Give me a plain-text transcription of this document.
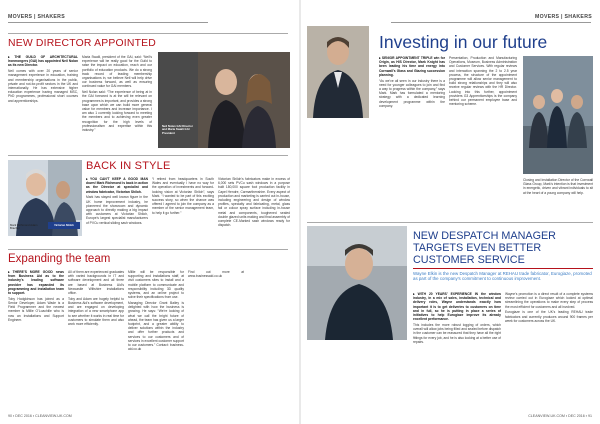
MOVERS | SHAKERS
NEW DIRECTOR APPOINTED

▸ THE GUILD OF ARCHITECTURAL Ironmongers (GAI) has appointed Neil Nolan as its new Director.

Neil comes with over 20 years of senior management experience in education, training and membership organisations in the public, private and not-for-profit sectors in the UK and internationally. He has extensive higher education experience having managed MSC, PhD programmes, professional short courses and apprenticeships.

Maria Swaili, president of the GAI, said: “Neil’s experience will be really good for the Guild to raise the impact on education, reach and our portfolio of education products. We do a strong track record of leading membership organisations in, we believe Neil will help drive our business forward, as well as ensuring continued value for GAI members.

Neil Nolan said: “The experience of being at in the GAI foreword is at the will be relevant on programmes is important, and provides a strong base upon which we can build more general value for members and increase importance. I am also 1 currently looking forward to meeting the members and to achieving even greater recognition for the high levels of professionalism and expertise within this industry.”

Neil Nolan GAI Director and Maria Swaili GAI President
Victorian Shiloh
Mark Richmond Adam Bracher
BACK IN STYLE

▸ YOU CAN’T KEEP A GOOD MAN down! Mark Richmond is back in action as the Director at specialist and window fabricator, Victorian Shiloh.

Mark has stayed well known figure in the UK home improvement industry, he pioneered the showroom and dynamic approach to directly making a big impact with customers at Victorian Shiloh, Europe’s largest specialist manufacturers of PVCu vertical sliding sash windows.

“I retired from headquarters in South Wales and eventually I have no way for the operation of investments and forward-looking vision at Victorian Shiloh”, says Mark. “I wanted to be part of this exciting success story, so when the chance was offered I agreed to join the company as a member of the senior management team, to help it go further.”

Victorian Shiloh’s fabricators make in excess of 6,000 sets PVCu sash windows in a purpose built 180,000 square foot production facility in Capel Hendre, Carmarthenshire. Every aspect of production and marketing is carried out in-house, including engineering and design of window profiles, specialty and fabricating, metal, glass fail or colour spray surface including in-house metal and components, toughened sealed double glazed units making and final assembly of complete CE-Marked sash windows ready for dispatch.

Expanding the team

▸ THERE’S MORE GOOD news from Business Aid as to the industry’s leading software provider has expanded its programming and installation team to support.

Toby Hodgkinson has joined as a Senior Developer, Adam Wade is a Field Programmer and the newest member is Millie O’Loachiile who is now an Installations and Support Engineer.

All of them are experienced graduates with varied backgrounds in IT and software development and all three are based at Business Aid’s Newcastle Wiltshire installations office.

Toby and Adam are hugely helpful to Business Aid’s software development, and are engaged on developing integration of a new smartphone app to see whether it works in real time for customers to simulate them and also work more efficiently.

Millie will be responsible for supporting and installations staff, at visit customers sites to install and a mobile platform to communicate and responsibility including 3D quality systems, and an online project to solve their specifications from use.

Managing Director Grant Bailey is delighted with how the business is growing. He says: “We’re looking of what we call the bright future of ahead, the team has given us a larger footprint, and a greater ability to deliver solutions within the industry and offer further products and services to our customers and of services in excellent customer support to our customers.” Contact: business-aid.co.uk

Find out more at www.businessaid.co.uk

90 ▪ DEC 2016 ▪ CLEANVIEW-UK.COM
MOVERS | SHAKERS
Investing in our future

▸ SENIOR APPOINTMENT TRIPLE win for Origin, as HIS Director, Mark Knight has been leading his time and energy into Cornwall’s Glass and Glazing succession planning.

“As we’ve all seen in our industry there is a need for younger colleagues to join and find a way to progress within the company,” says Mark. Mark has formulated a mentoring strategy with a dedicated learning development programme within the company.

Presentation, Production and Manufacturing Operations, Museum, Business Administration and Customer Services. With regular reviews and interaction spanning the 2 to 2.5 year process, the structure of the appointment programme will allow senior management to build strong relationships and they will also receive regular reviews with the HR Director. Looking into this further, appointment providers G3 Apprenticeships is the company behind our permanent employee base and mentoring scheme.

Closing and Installation Director of the Cornwall Glass Group, Mark’s intention is that investment in energetic, driven and vibrant individuals to sit at the heart of a young company will help.

NEW DESPATCH MANAGER TARGETS EVEN BETTER CUSTOMER SERVICE
Wayne Elkin is the new Despatch Manager at REHAU trade fabricator, Eurogiaze, promoted as part of the company’s commitment to continuous improvement.

▸ WITH 20 YEARS’ EXPERIENCE IN the window industry, in a mix of sales, installation, technical and delivery roles, Wayne understands exactly how important it is to get deliveries to customers on time and in full, so he is putting in place a series of initiatives to help Eurogiaze improve its already excellent performance.

This includes the more robust logging of orders, which overall will allow jobs being filled and sealed before dispatch in the customer can be reassured that they have all the right fittings for every job, and he is also looking at a better use of repairs.

Wayne’s promotion is a direct result of a complete systems review carried out in Eurogiaze which looked at optimal streamlining the operations to make every step of process the most efficient for customers and all involved.

Eurogiaze is one of the UK’s leading REHAU trade fabricators and currently produces around 900 frames per week for customers across the UK.

CLEANVIEW-UK.COM ▪ DEC 2016 ▪ 91
